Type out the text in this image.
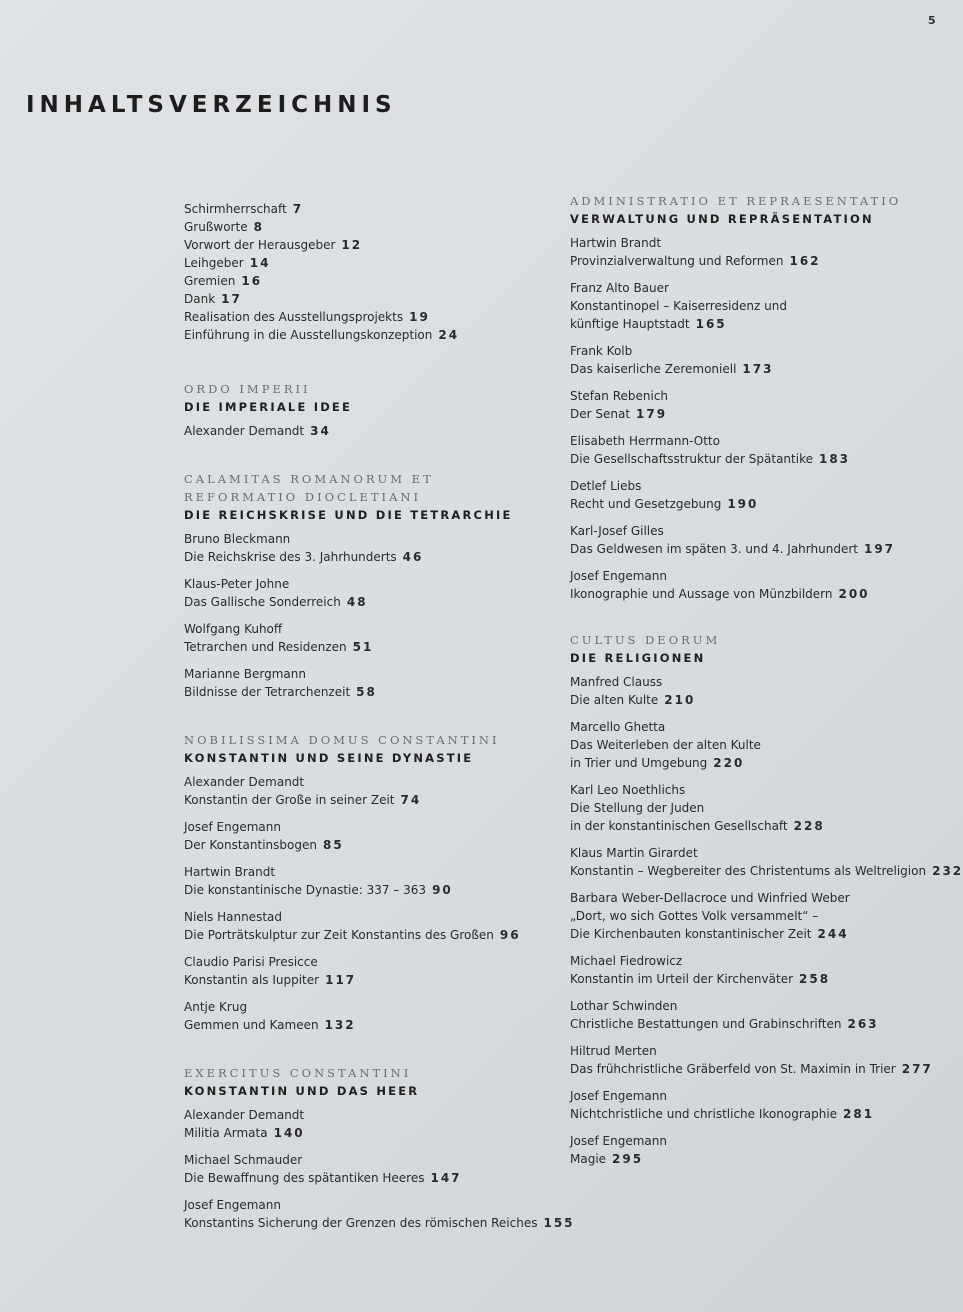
5
INHALTSVERZEICHNIS
Schirmherrschaft 7
Grußworte 8
Vorwort der Herausgeber 12
Leihgeber 14
Gremien 16
Dank 17
Realisation des Ausstellungsprojekts 19
Einführung in die Ausstellungskonzeption 24
ORDO IMPERII
DIE IMPERIALE IDEE
Alexander Demandt 34
CALAMITAS ROMANORUM ET
REFORMATIO DIOCLETIANI
DIE REICHSKRISE UND DIE TETRARCHIE
Bruno Bleckmann
Die Reichskrise des 3. Jahrhunderts 46
Klaus-Peter Johne
Das Gallische Sonderreich 48
Wolfgang Kuhoff
Tetrarchen und Residenzen 51
Marianne Bergmann
Bildnisse der Tetrarchenzeit 58
NOBILISSIMA DOMUS CONSTANTINI
KONSTANTIN UND SEINE DYNASTIE
Alexander Demandt
Konstantin der Große in seiner Zeit 74
Josef Engemann
Der Konstantinsbogen 85
Hartwin Brandt
Die konstantinische Dynastie: 337 – 363 90
Niels Hannestad
Die Porträtskulptur zur Zeit Konstantins des Großen 96
Claudio Parisi Presicce
Konstantin als Iuppiter 117
Antje Krug
Gemmen und Kameen 132
EXERCITUS CONSTANTINI
KONSTANTIN UND DAS HEER
Alexander Demandt
Militia Armata 140
Michael Schmauder
Die Bewaffnung des spätantiken Heeres 147
Josef Engemann
Konstantins Sicherung der Grenzen des römischen Reiches 155
ADMINISTRATIO ET REPRAESENTATIO
VERWALTUNG UND REPRÄSENTATION
Hartwin Brandt
Provinzialverwaltung und Reformen 162
Franz Alto Bauer
Konstantinopel – Kaiserresidenz und
künftige Hauptstadt 165
Frank Kolb
Das kaiserliche Zeremoniell 173
Stefan Rebenich
Der Senat 179
Elisabeth Herrmann-Otto
Die Gesellschaftsstruktur der Spätantike 183
Detlef Liebs
Recht und Gesetzgebung 190
Karl-Josef Gilles
Das Geldwesen im späten 3. und 4. Jahrhundert 197
Josef Engemann
Ikonographie und Aussage von Münzbildern 200
CULTUS DEORUM
DIE RELIGIONEN
Manfred Clauss
Die alten Kulte 210
Marcello Ghetta
Das Weiterleben der alten Kulte
in Trier und Umgebung 220
Karl Leo Noethlichs
Die Stellung der Juden
in der konstantinischen Gesellschaft 228
Klaus Martin Girardet
Konstantin – Wegbereiter des Christentums als Weltreligion 232
Barbara Weber-Dellacroce und Winfried Weber
„Dort, wo sich Gottes Volk versammelt“ –
Die Kirchenbauten konstantinischer Zeit 244
Michael Fiedrowicz
Konstantin im Urteil der Kirchenväter 258
Lothar Schwinden
Christliche Bestattungen und Grabinschriften 263
Hiltrud Merten
Das frühchristliche Gräberfeld von St. Maximin in Trier 277
Josef Engemann
Nichtchristliche und christliche Ikonographie 281
Josef Engemann
Magie 295
